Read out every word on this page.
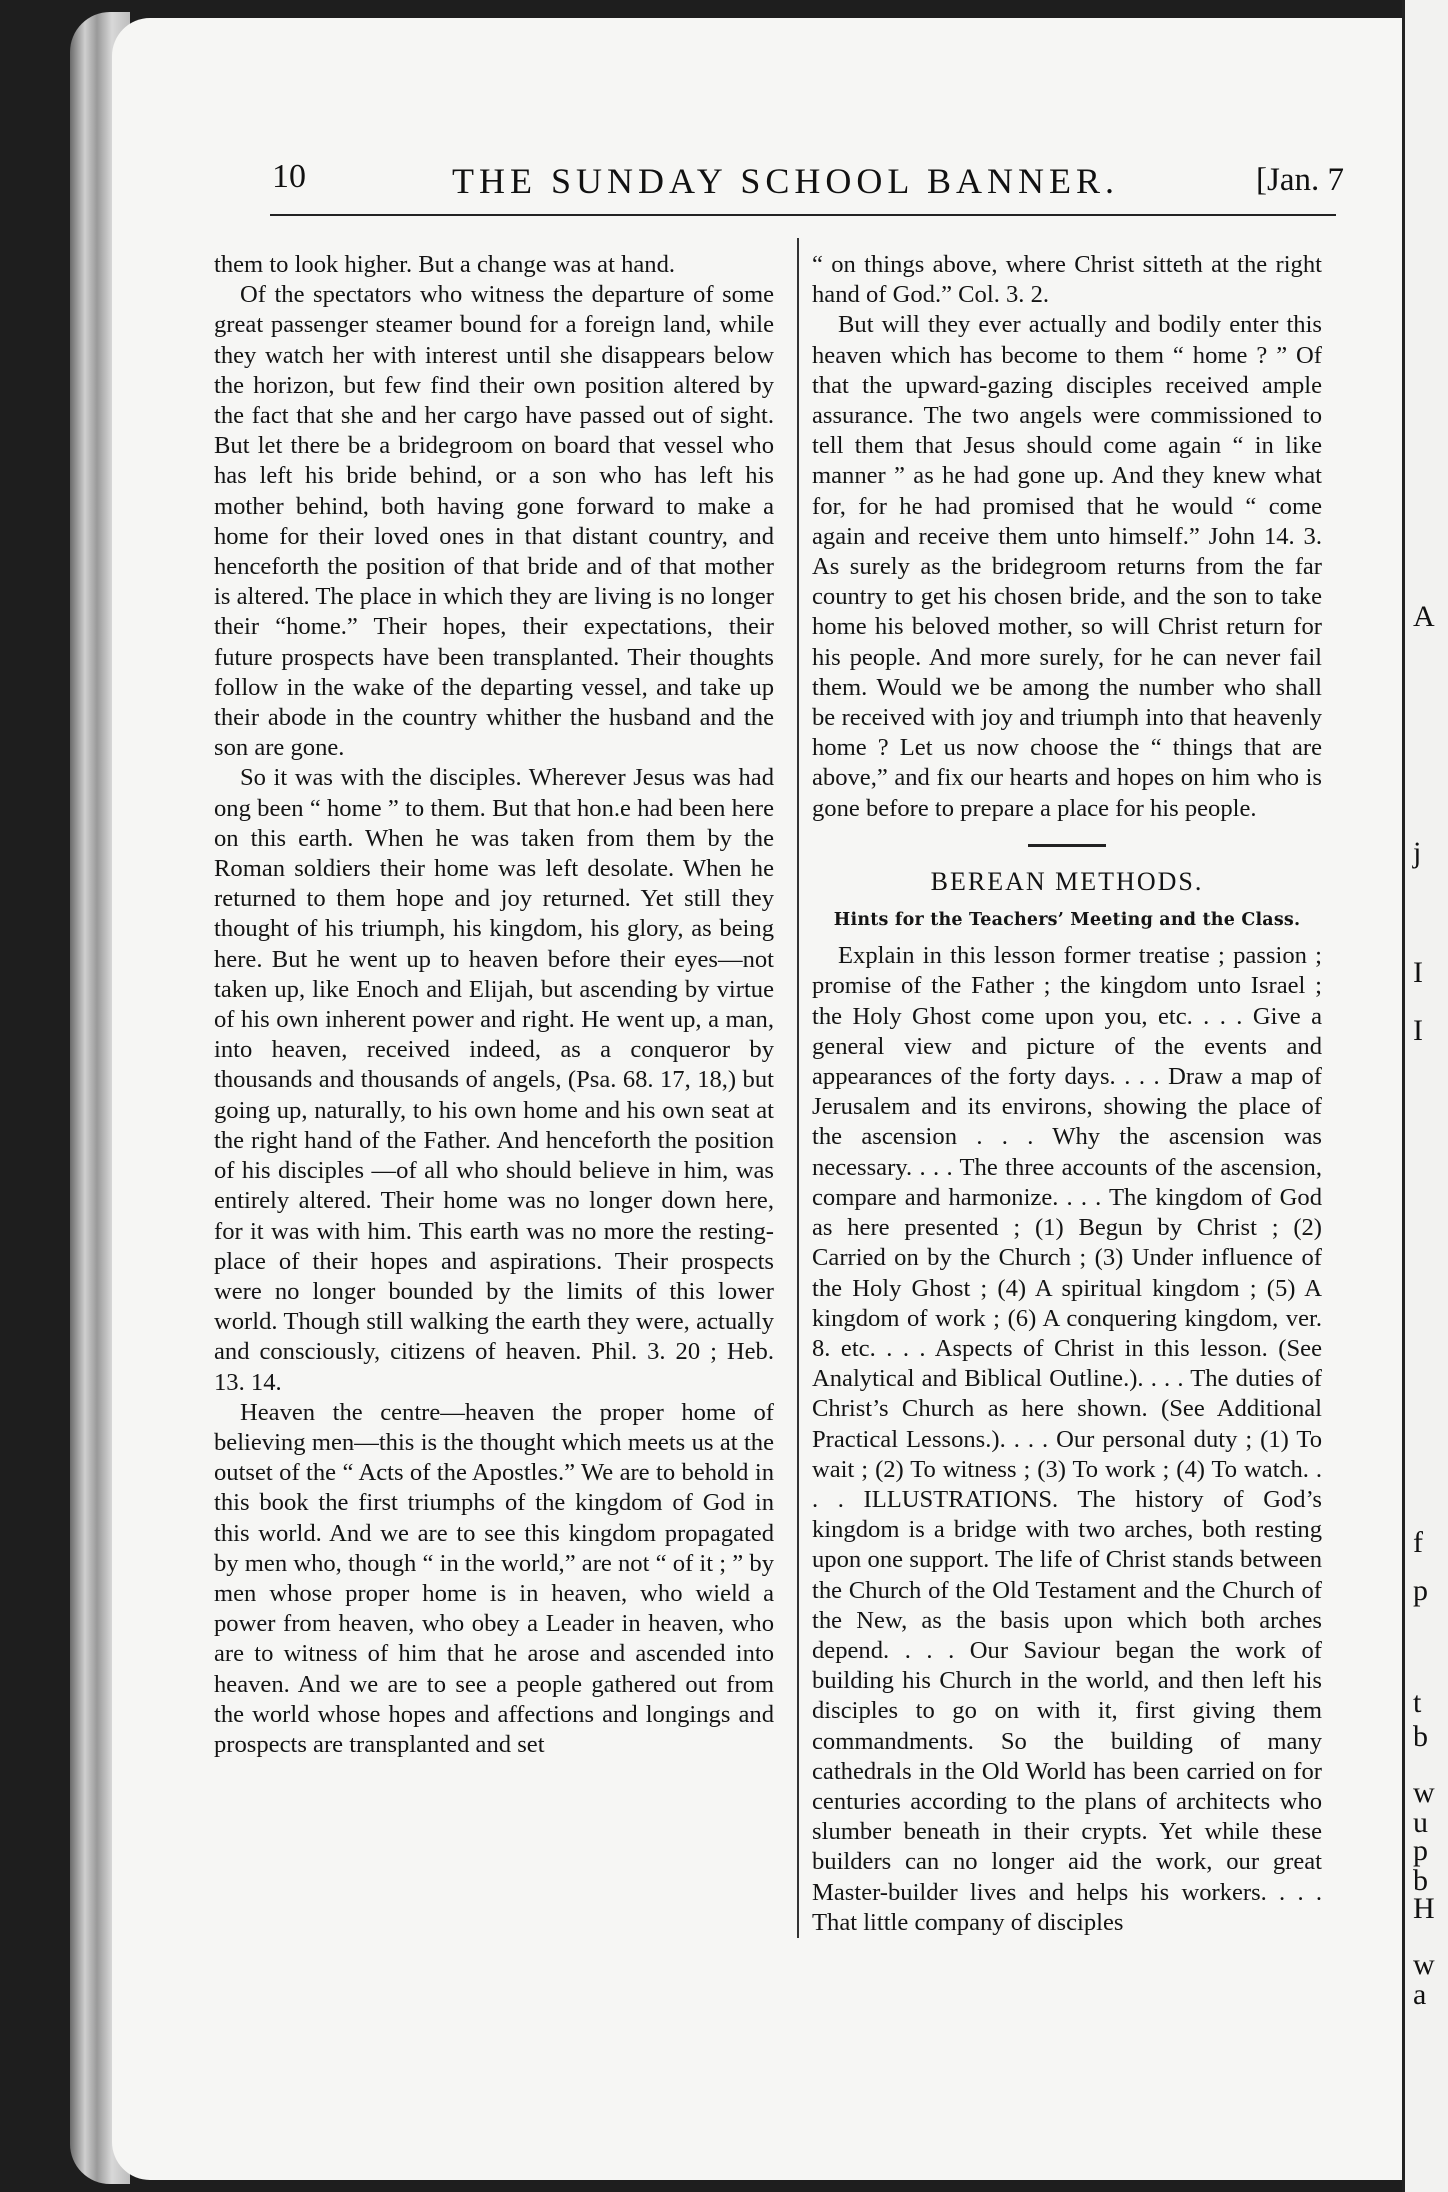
A
j
I
I
f
p
t
b
w
u
p
b
H
w
a
10	THE SUNDAY SCHOOL BANNER.	[Jan. 7

them to look higher. But a change was at hand.

Of the spectators who witness the departure of some great passenger steamer bound for a foreign land, while they watch her with interest until she disappears below the horizon, but few find their own position altered by the fact that she and her cargo have passed out of sight. But let there be a bridegroom on board that vessel who has left his bride behind, or a son who has left his mother behind, both having gone forward to make a home for their loved ones in that distant country, and henceforth the position of that bride and of that mother is altered. The place in which they are living is no longer their “home.” Their hopes, their expectations, their future prospects have been transplanted. Their thoughts follow in the wake of the departing vessel, and take up their abode in the country whither the husband and the son are gone.

So it was with the disciples. Wherever Jesus was had ong been “ home ” to them. But that hon.e had been here on this earth. When he was taken from them by the Roman soldiers their home was left desolate. When he returned to them hope and joy returned. Yet still they thought of his triumph, his kingdom, his glory, as being here. But he went up to heaven before their eyes—not taken up, like Enoch and Elijah, but ascending by virtue of his own inherent power and right. He went up, a man, into heaven, received indeed, as a conqueror by thousands and thousands of angels, (Psa. 68. 17, 18,) but going up, naturally, to his own home and his own seat at the right hand of the Father. And henceforth the position of his disciples —of all who should believe in him, was entirely altered. Their home was no longer down here, for it was with him. This earth was no more the resting-place of their hopes and aspirations. Their prospects were no longer bounded by the limits of this lower world. Though still walking the earth they were, actually and consciously, citizens of heaven. Phil. 3. 20 ; Heb. 13. 14.

Heaven the centre—heaven the proper home of believing men—this is the thought which meets us at the outset of the “ Acts of the Apostles.” We are to behold in this book the first triumphs of the kingdom of God in this world. And we are to see this kingdom propagated by men who, though “ in the world,” are not “ of it ; ” by men whose proper home is in heaven, who wield a power from heaven, who obey a Leader in heaven, who are to witness of him that he arose and ascended into heaven. And we are to see a people gathered out from the world whose hopes and affections and longings and prospects are transplanted and set

“ on things above, where Christ sitteth at the right hand of God.” Col. 3. 2.

But will they ever actually and bodily enter this heaven which has become to them “ home ? ” Of that the upward-gazing disciples received ample assurance. The two angels were commissioned to tell them that Jesus should come again “ in like manner ” as he had gone up. And they knew what for, for he had promised that he would “ come again and receive them unto himself.” John 14. 3. As surely as the bridegroom returns from the far country to get his chosen bride, and the son to take home his beloved mother, so will Christ return for his people. And more surely, for he can never fail them. Would we be among the number who shall be received with joy and triumph into that heavenly home ? Let us now choose the “ things that are above,” and fix our hearts and hopes on him who is gone before to prepare a place for his people.

BEREAN METHODS.
Hints for the Teachers’ Meeting and the Class.

Explain in this lesson former treatise ; passion ; promise of the Father ; the kingdom unto Israel ; the Holy Ghost come upon you, etc. . . . Give a general view and picture of the events and appearances of the forty days. . . . Draw a map of Jerusalem and its environs, showing the place of the ascension . . . Why the ascension was necessary. . . . The three accounts of the ascension, compare and harmonize. . . . The kingdom of God as here presented ; (1) Begun by Christ ; (2) Carried on by the Church ; (3) Under influence of the Holy Ghost ; (4) A spiritual kingdom ; (5) A kingdom of work ; (6) A conquering kingdom, ver. 8. etc. . . . Aspects of Christ in this lesson. (See Analytical and Biblical Outline.). . . . The duties of Christ’s Church as here shown. (See Additional Practical Lessons.). . . . Our personal duty ; (1) To wait ; (2) To witness ; (3) To work ; (4) To watch. . . . ILLUSTRATIONS. The history of God’s kingdom is a bridge with two arches, both resting upon one support. The life of Christ stands between the Church of the Old Testament and the Church of the New, as the basis upon which both arches depend. . . . Our Saviour began the work of building his Church in the world, and then left his disciples to go on with it, first giving them commandments. So the building of many cathedrals in the Old World has been carried on for centuries according to the plans of architects who slumber beneath in their crypts. Yet while these builders can no longer aid the work, our great Master-builder lives and helps his workers. . . . That little company of disciples
